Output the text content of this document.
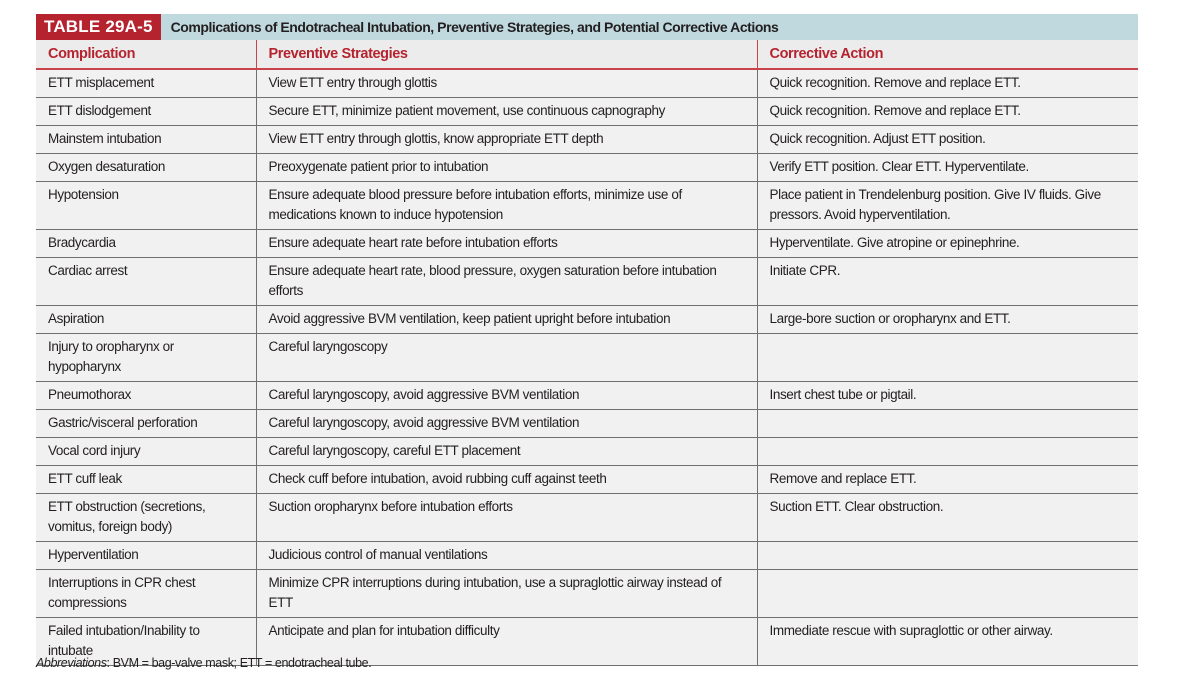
TABLE 29A-5	Complications of Endotracheal Intubation, Preventive Strategies, and Potential Corrective Actions
Complication	Preventive Strategies	Corrective Action
ETT misplacement	View ETT entry through glottis	Quick recognition. Remove and replace ETT.
ETT dislodgement	Secure ETT, minimize patient movement, use continuous capnography	Quick recognition. Remove and replace ETT.
Mainstem intubation	View ETT entry through glottis, know appropriate ETT depth	Quick recognition. Adjust ETT position.
Oxygen desaturation	Preoxygenate patient prior to intubation	Verify ETT position. Clear ETT. Hyperventilate.
Hypotension	Ensure adequate blood pressure before intubation efforts, minimize use of medications known to induce hypotension	Place patient in Trendelenburg position. Give IV fluids. Give pressors. Avoid hyperventilation.
Bradycardia	Ensure adequate heart rate before intubation efforts	Hyperventilate. Give atropine or epinephrine.
Cardiac arrest	Ensure adequate heart rate, blood pressure, oxygen saturation before intubation efforts	Initiate CPR.
Aspiration	Avoid aggressive BVM ventilation, keep patient upright before intubation	Large-bore suction or oropharynx and ETT.
Injury to oropharynx or hypopharynx	Careful laryngoscopy	
Pneumothorax	Careful laryngoscopy, avoid aggressive BVM ventilation	Insert chest tube or pigtail.
Gastric/visceral perforation	Careful laryngoscopy, avoid aggressive BVM ventilation	
Vocal cord injury	Careful laryngoscopy, careful ETT placement	
ETT cuff leak	Check cuff before intubation, avoid rubbing cuff against teeth	Remove and replace ETT.
ETT obstruction (secretions, vomitus, foreign body)	Suction oropharynx before intubation efforts	Suction ETT. Clear obstruction.
Hyperventilation	Judicious control of manual ventilations	
Interruptions in CPR chest compressions	Minimize CPR interruptions during intubation, use a supraglottic airway instead of ETT	
Failed intubation/Inability to intubate	Anticipate and plan for intubation difficulty	Immediate rescue with supraglottic or other airway.
Abbreviations: BVM = bag-valve mask; ETT = endotracheal tube.
